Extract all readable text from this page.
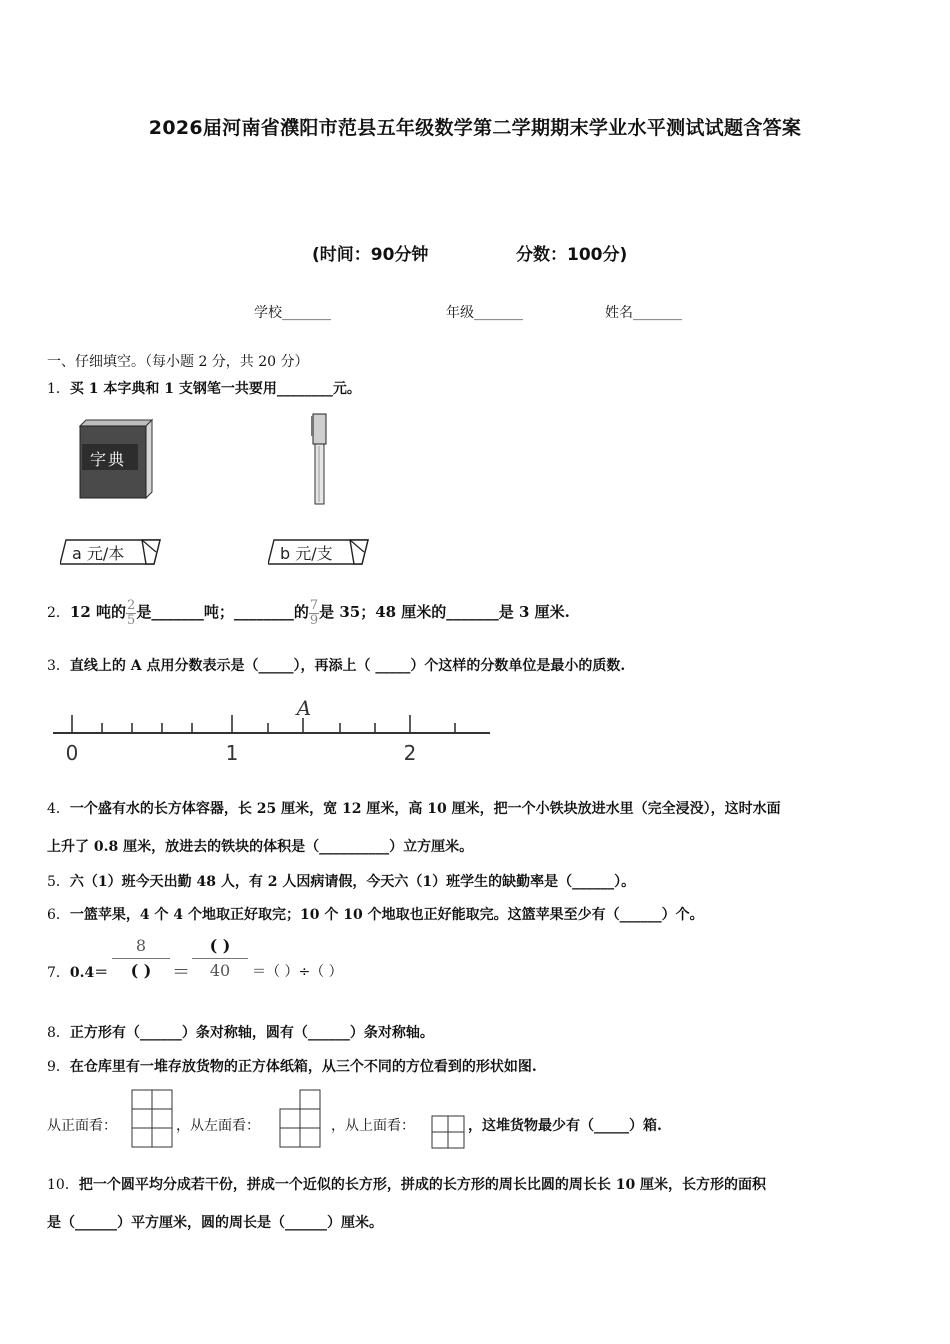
2026届河南省濮阳市范县五年级数学第二学期期末学业水平测试试题含答案
(时间：90分钟	分数：100分)
学校_______	年级_______	姓名_______
一、仔细填空。（每小题 2 分，共 20 分）
1．买 1 本字典和 1 支钢笔一共要用________元。
字典
a 元/本	b 元/支
2．12 吨的 $\frac{2}{5}$ 是_______吨；________的 $\frac{7}{9}$ 是 35；48 厘米的_______是 3 厘米.
3．直线上的 A 点用分数表示是（_____），再添上（ _____）个这样的分数单位是最小的质数.
0	1	2
A
4．一个盛有水的长方体容器，长 25 厘米，宽 12 厘米，高 10 厘米，把一个小铁块放进水里（完全浸没），这时水面
上升了 0.8 厘米，放进去的铁块的体积是（__________）立方厘米。
5．六（1）班今天出勤 48 人，有 2 人因病请假，今天六（1）班学生的缺勤率是（______）。
6．一篮苹果，4 个 4 个地取正好取完；10 个 10 个地取也正好能取完。这篮苹果至少有（______）个。
7．0.4＝
8
( )	＝
( )
40	＝（ ）÷（ ）
8．正方形有（______）条对称轴，圆有（______）条对称轴。
9．在仓库里有一堆存放货物的正方体纸箱，从三个不同的方位看到的形状如图.
从正面看：	，从左面看：	，从上面看：	，这堆货物最少有（_____）箱.
10．把一个圆平均分成若干份，拼成一个近似的长方形，拼成的长方形的周长比圆的周长长 10 厘米，长方形的面积
是（______）平方厘米，圆的周长是（______）厘米。
